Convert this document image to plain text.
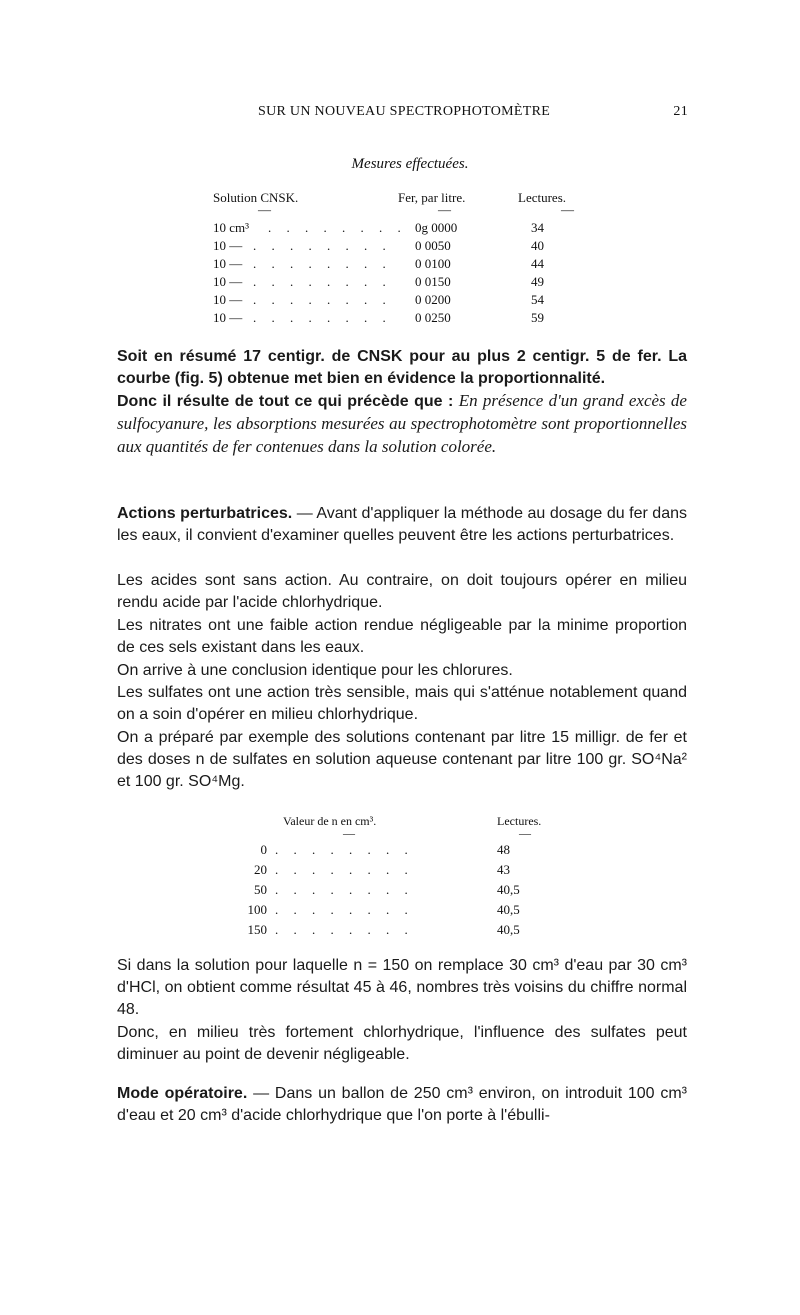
SUR UN NOUVEAU SPECTROPHOTOMÈTRE	21
Mesures effectuées.
Solution CNSK.	Fer, par litre.	Lectures.
—	—	—
10 cm³ . . . . . . . . 0g 0000	34
10 — . . . . . . . . 0 0050	40
10 — . . . . . . . . 0 0100	44
10 — . . . . . . . . 0 0150	49
10 — . . . . . . . . 0 0200	54
10 — . . . . . . . . 0 0250	59
Soit en résumé 17 centigr. de CNSK pour au plus 2 centigr. 5 de fer. La courbe (fig. 5) obtenue met bien en évidence la proportionnalité.
Donc il résulte de tout ce qui précède que : En présence d'un grand excès de sulfocyanure, les absorptions mesurées au spectrophotomètre sont proportionnelles aux quantités de fer contenues dans la solution colorée.
Actions perturbatrices. — Avant d'appliquer la méthode au dosage du fer dans les eaux, il convient d'examiner quelles peuvent être les actions perturbatrices.
Les acides sont sans action. Au contraire, on doit toujours opérer en milieu rendu acide par l'acide chlorhydrique.
Les nitrates ont une faible action rendue négligeable par la minime proportion de ces sels existant dans les eaux.
On arrive à une conclusion identique pour les chlorures.
Les sulfates ont une action très sensible, mais qui s'atténue notablement quand on a soin d'opérer en milieu chlorhydrique.
On a préparé par exemple des solutions contenant par litre 15 milligr. de fer et des doses n de sulfates en solution aqueuse contenant par litre 100 gr. SO⁴Na² et 100 gr. SO⁴Mg.
Valeur de n en cm³.	Lectures.
—	—
0 . . . . . . . .	48
20 . . . . . . . .	43
50 . . . . . . . .	40,5
100 . . . . . . . .	40,5
150 . . . . . . . .	40,5
Si dans la solution pour laquelle n = 150 on remplace 30 cm³ d'eau par 30 cm³ d'HCl, on obtient comme résultat 45 à 46, nombres très voisins du chiffre normal 48.
Donc, en milieu très fortement chlorhydrique, l'influence des sulfates peut diminuer au point de devenir négligeable.
Mode opératoire. — Dans un ballon de 250 cm³ environ, on introduit 100 cm³ d'eau et 20 cm³ d'acide chlorhydrique que l'on porte à l'ébulli-
